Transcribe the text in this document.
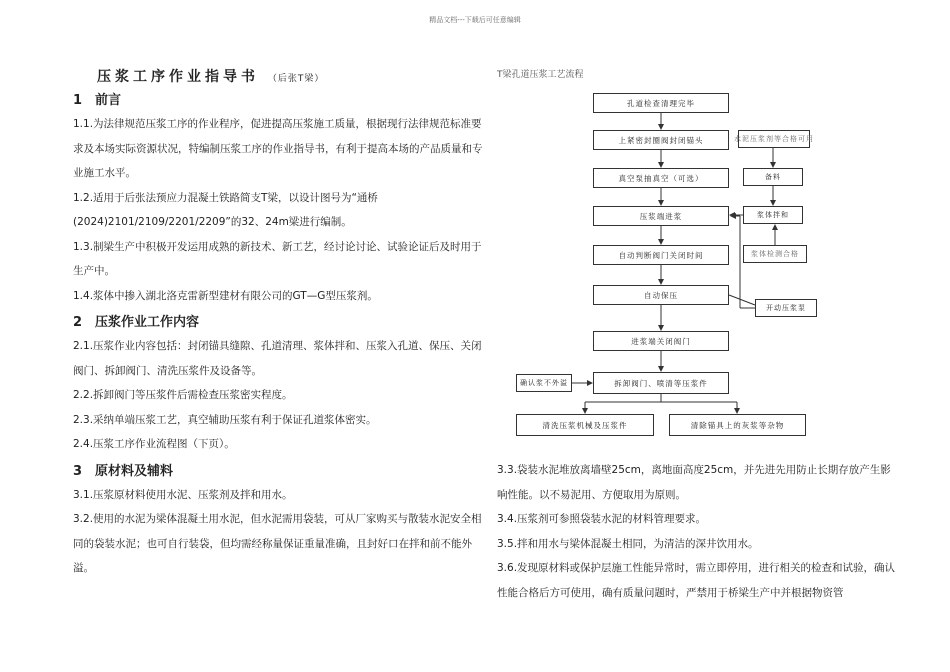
精品文档---下载后可任意编辑
压浆工序作业指导书 （后张T梁）
1　前言
1.1.为法律规范压浆工序的作业程序，促进提高压浆施工质量，根据现行法律规范标准要求及本场实际资源状况，特编制压浆工序的作业指导书，有利于提高本场的产品质量和专业施工水平。
1.2.适用于后张法预应力混凝土铁路简支T梁，以设计图号为“通桥(2024)2101/2109/2201/2209”的32、24m梁进行编制。
1.3.制梁生产中积极开发运用成熟的新技术、新工艺，经讨论讨论、试验论证后及时用于生产中。
1.4.浆体中掺入湖北洛克雷新型建材有限公司的GT—G型压浆剂。
2　压浆作业工作内容
2.1.压浆作业内容包括：封闭锚具缝隙、孔道清理、浆体拌和、压浆入孔道、保压、关闭阀门、拆卸阀门、清洗压浆件及设备等。
2.2.拆卸阀门等压浆件后需检查压浆密实程度。
2.3.采纳单端压浆工艺，真空辅助压浆有利于保证孔道浆体密实。
2.4.压浆工序作业流程图（下页）。
3　原材料及辅料
3.1.压浆原材料使用水泥、压浆剂及拌和用水。
3.2.使用的水泥为梁体混凝土用水泥，但水泥需用袋装，可从厂家购买与散装水泥安全相同的袋装水泥；也可自行装袋，但均需经称量保证重量准确，且封好口在拌和前不能外溢。
3.3.袋装水泥堆放离墙壁25cm，离地面高度25cm，并先进先用防止长期存放产生影响性能。以不易泥用、方便取用为原则。
3.4.压浆剂可参照袋装水泥的材料管理要求。
3.5.拌和用水与梁体混凝土相同，为清洁的深井饮用水。
3.6.发现原材料或保护层施工性能异常时，需立即停用，进行相关的检查和试验，确认性能合格后方可使用，确有质量问题时，严禁用于桥梁生产中并根据物资管
T梁孔道压浆工艺流程
孔道检查清理完毕
上紧密封圈阀封闭锚头
真空泵抽真空（可选）
压浆端进浆
自动判断阀门关闭时间
自动保压
进浆端关闭阀门
拆卸阀门、喷清等压浆件
水泥压浆剂等合格可用
备料
浆体拌和
浆体检测合格
开动压浆泵
确认浆不外溢
清洗压浆机械及压浆件	清除锚具上的灰浆等杂物
